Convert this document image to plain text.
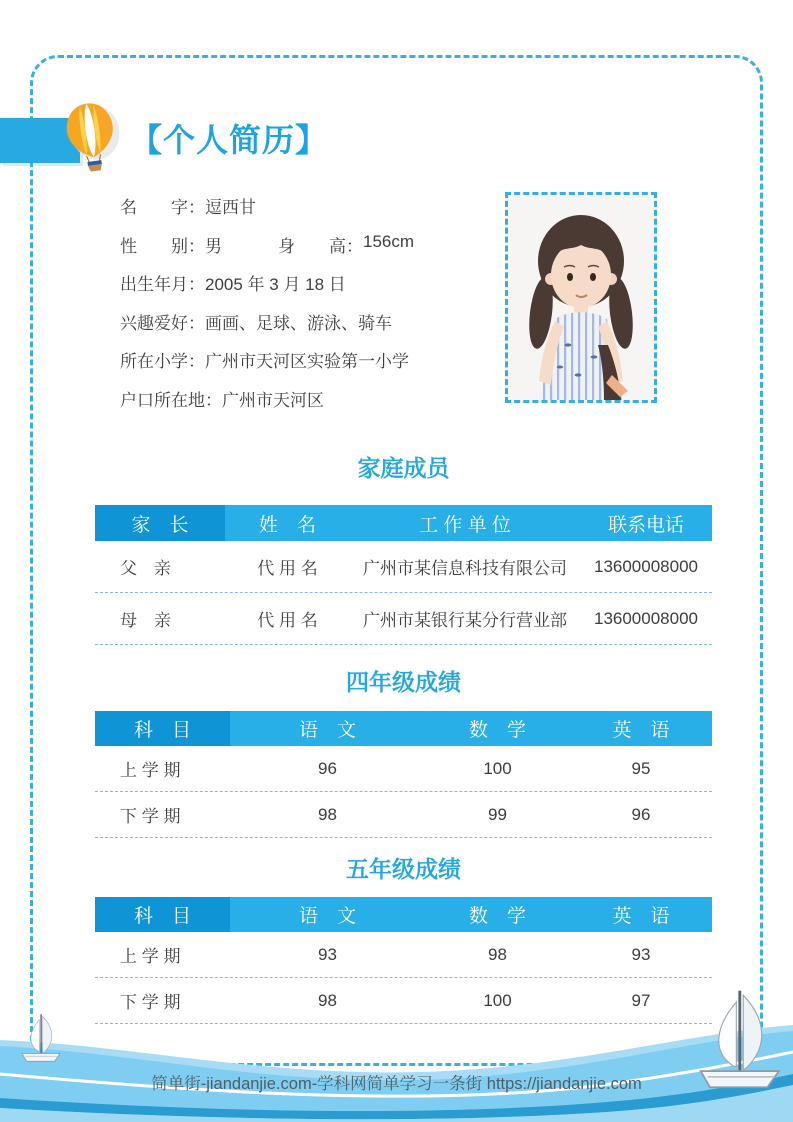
【个人简历】
名　　字： 逗西甘
性　　别： 男	身　　高： 156cm
出生年月： 2005 年 3 月 18 日
兴趣爱好： 画画、足球、游泳、骑车
所在小学： 广州市天河区实验第一小学
户口所在地： 广州市天河区
家庭成员
家　长	姓　名	工 作 单 位	联系电话
父　亲	代 用 名	广州市某信息科技有限公司	13600008000
母　亲	代 用 名	广州市某银行某分行营业部	13600008000
四年级成绩
科　目	语　文	数　学	英　语
上 学 期	96	100	95
下 学 期	98	99	96
五年级成绩
科　目	语　文	数　学	英　语
上 学 期	93	98	93
下 学 期	98	100	97
简单街-jiandanjie.com-学科网简单学习一条街 https://jiandanjie.com
